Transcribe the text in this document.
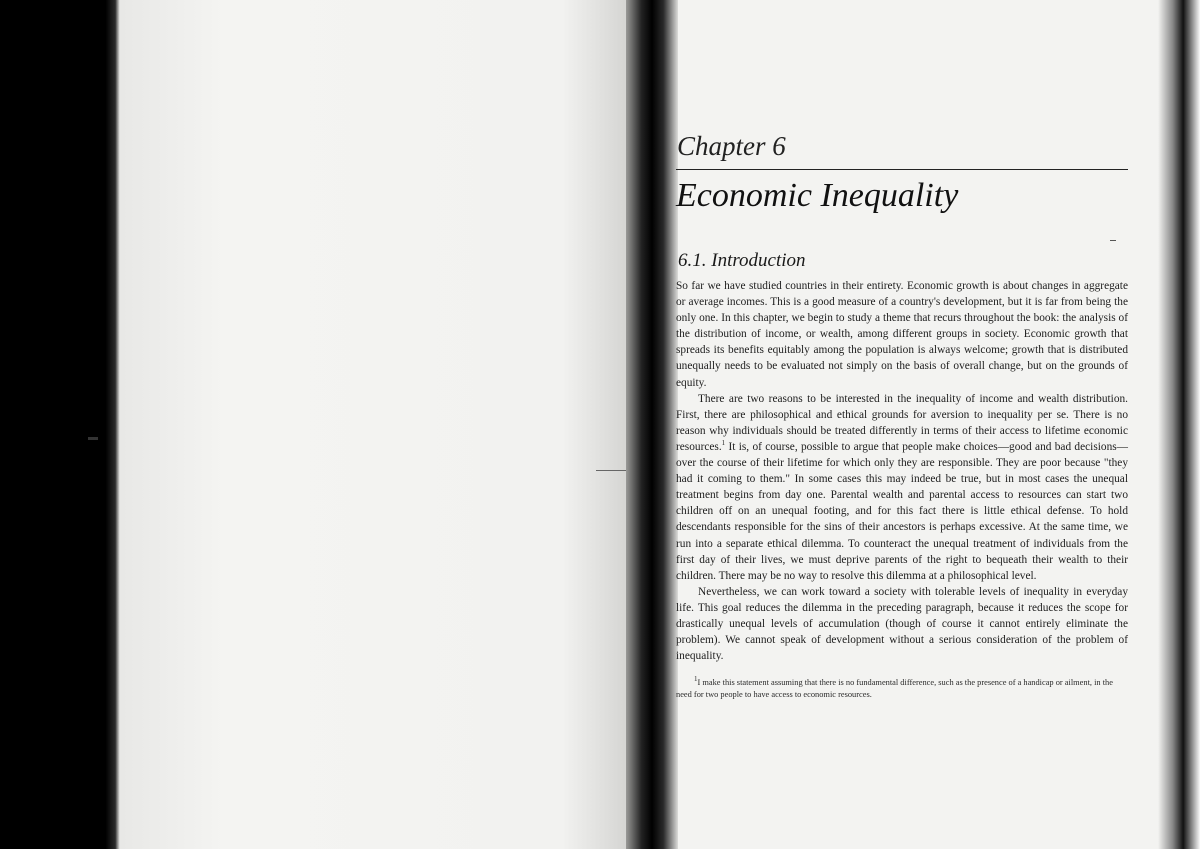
Chapter 6
Economic Inequality
6.1. Introduction

So far we have studied countries in their entirety. Economic growth is about changes in aggregate or average incomes. This is a good measure of a country's development, but it is far from being the only one. In this chapter, we begin to study a theme that recurs throughout the book: the analysis of the distribution of income, or wealth, among different groups in society. Economic growth that spreads its benefits equitably among the population is always welcome; growth that is distributed unequally needs to be evaluated not simply on the basis of overall change, but on the grounds of equity.

There are two reasons to be interested in the inequality of income and wealth distribution. First, there are philosophical and ethical grounds for aversion to inequality per se. There is no reason why individuals should be treated differently in terms of their access to lifetime economic resources.$^1$ It is, of course, possible to argue that people make choices—good and bad decisions—over the course of their lifetime for which only they are responsible. They are poor because "they had it coming to them." In some cases this may indeed be true, but in most cases the unequal treatment begins from day one. Parental wealth and parental access to resources can start two children off on an unequal footing, and for this fact there is little ethical defense. To hold descendants responsible for the sins of their ancestors is perhaps excessive. At the same time, we run into a separate ethical dilemma. To counteract the unequal treatment of individuals from the first day of their lives, we must deprive parents of the right to bequeath their wealth to their children. There may be no way to resolve this dilemma at a philosophical level.

Nevertheless, we can work toward a society with tolerable levels of inequality in everyday life. This goal reduces the dilemma in the preceding paragraph, because it reduces the scope for drastically unequal levels of accumulation (though of course it cannot entirely eliminate the problem). We cannot speak of development without a serious consideration of the problem of inequality.

$^1$I make this statement assuming that there is no fundamental difference, such as the presence of a handicap or ailment, in the need for two people to have access to economic resources.
